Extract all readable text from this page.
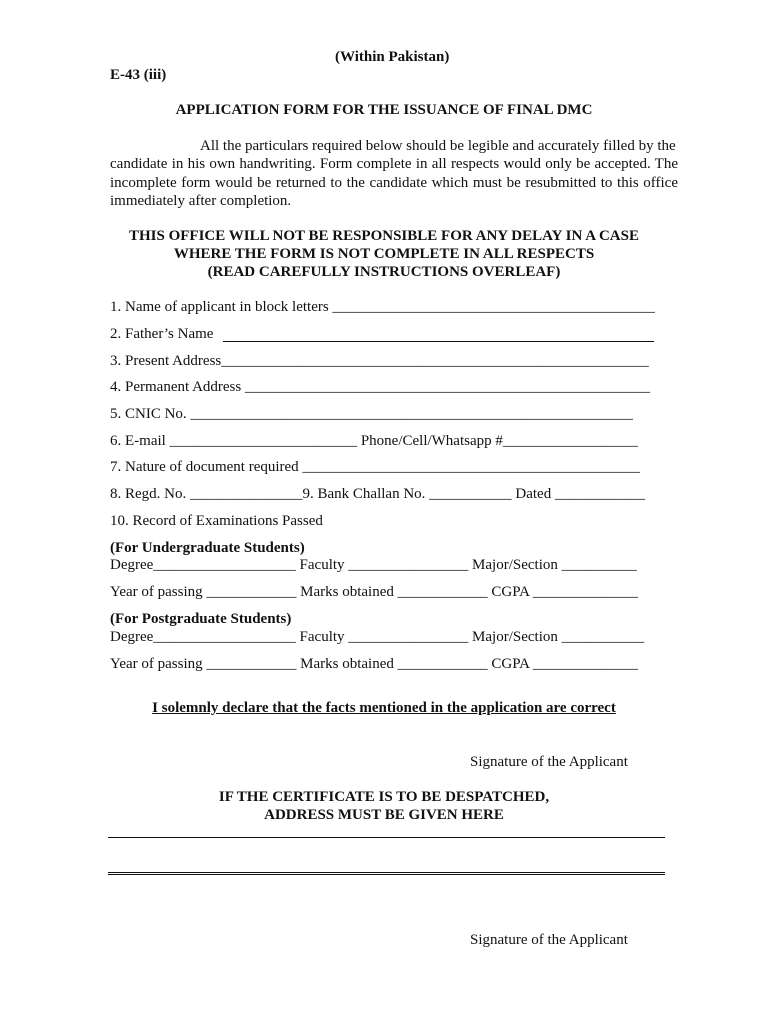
(Within Pakistan)
E-43 (iii)
APPLICATION FORM FOR THE ISSUANCE OF FINAL DMC
All the particulars required below should be legible and accurately filled by the
candidate in his own handwriting. Form complete in all respects would only be accepted. The incomplete form would be returned to the candidate which must be resubmitted to this office immediately after completion.
THIS OFFICE WILL NOT BE RESPONSIBLE FOR ANY DELAY IN A CASE
WHERE THE FORM IS NOT COMPLETE IN ALL RESPECTS
(READ CAREFULLY INSTRUCTIONS OVERLEAF)
1. Name of applicant in block letters ___________________________________________
2. Father’s Name
3. Present Address_________________________________________________________
4. Permanent Address ______________________________________________________
5. CNIC No. ___________________________________________________________
6. E-mail _________________________ Phone/Cell/Whatsapp #__________________
7. Nature of document required _____________________________________________
8. Regd. No. _______________9. Bank Challan No. ___________ Dated ____________
10. Record of Examinations Passed
(For Undergraduate Students)
Degree___________________ Faculty ________________ Major/Section __________
Year of passing ____________ Marks obtained ____________ CGPA ______________
(For Postgraduate Students)
Degree___________________ Faculty ________________ Major/Section ___________
Year of passing ____________ Marks obtained ____________ CGPA ______________
I solemnly declare that the facts mentioned in the application are correct
Signature of the Applicant
IF THE CERTIFICATE IS TO BE DESPATCHED,
ADDRESS MUST BE GIVEN HERE
Signature of the Applicant
